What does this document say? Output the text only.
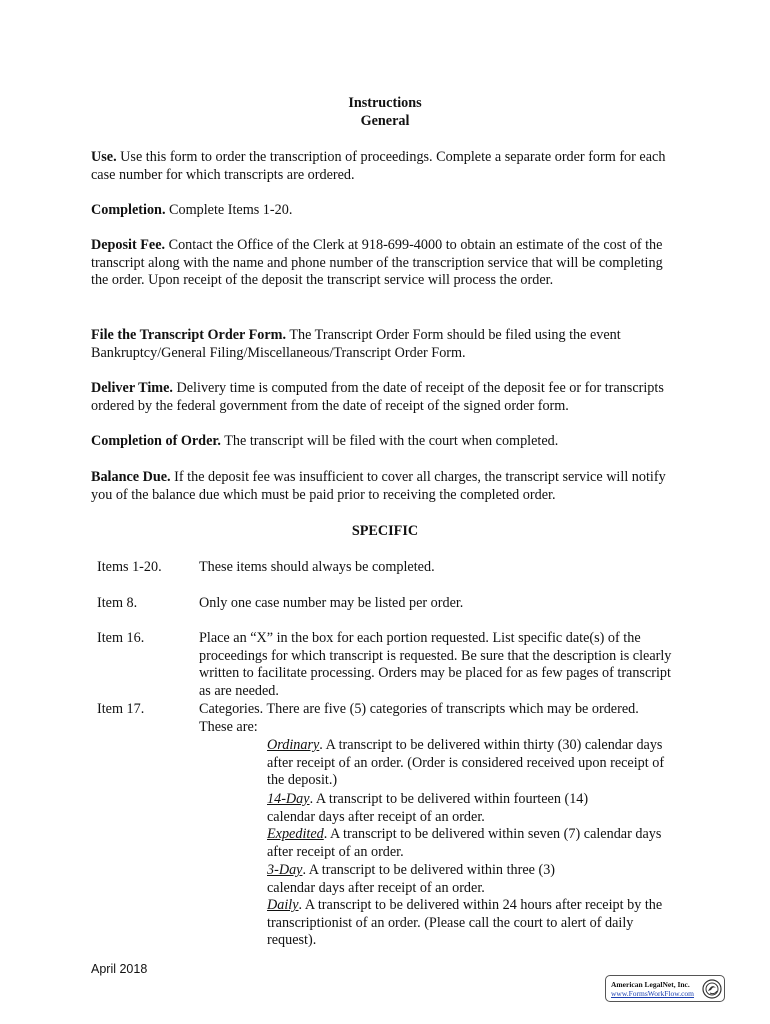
Instructions
General

Use. Use this form to order the transcription of proceedings. Complete a separate order form for each case number for which transcripts are ordered.

Completion. Complete Items 1-20.

Deposit Fee. Contact the Office of the Clerk at 918-699-4000 to obtain an estimate of the cost of the transcript along with the name and phone number of the transcription service that will be completing the order. Upon receipt of the deposit the transcript service will process the order.

File the Transcript Order Form. The Transcript Order Form should be filed using the event Bankruptcy/General Filing/Miscellaneous/Transcript Order Form.

Deliver Time. Delivery time is computed from the date of receipt of the deposit fee or for transcripts ordered by the federal government from the date of receipt of the signed order form.

Completion of Order. The transcript will be filed with the court when completed.

Balance Due. If the deposit fee was insufficient to cover all charges, the transcript service will notify you of the balance due which must be paid prior to receiving the completed order.

SPECIFIC
Items 1-20.	These items should always be completed.
Item 8.	Only one case number may be listed per order.
Item 16.	Place an “X” in the box for each portion requested. List specific date(s) of the proceedings for which transcript is requested. Be sure that the description is clearly written to facilitate processing. Orders may be placed for as few pages of transcript as are needed.
Item 17.	Categories. There are five (5) categories of transcripts which may be ordered. These are:
Ordinary. A transcript to be delivered within thirty (30) calendar days after receipt of an order. (Order is considered received upon receipt of the deposit.)
14-Day. A transcript to be delivered within fourteen (14) calendar days after receipt of an order.
Expedited. A transcript to be delivered within seven (7) calendar days after receipt of an order.
3-Day. A transcript to be delivered within three (3) calendar days after receipt of an order.
Daily. A transcript to be delivered within 24 hours after receipt by the transcriptionist of an order. (Please call the court to alert of daily request).
April 2018
American LegalNet, Inc.
www.FormsWorkFlow.com
